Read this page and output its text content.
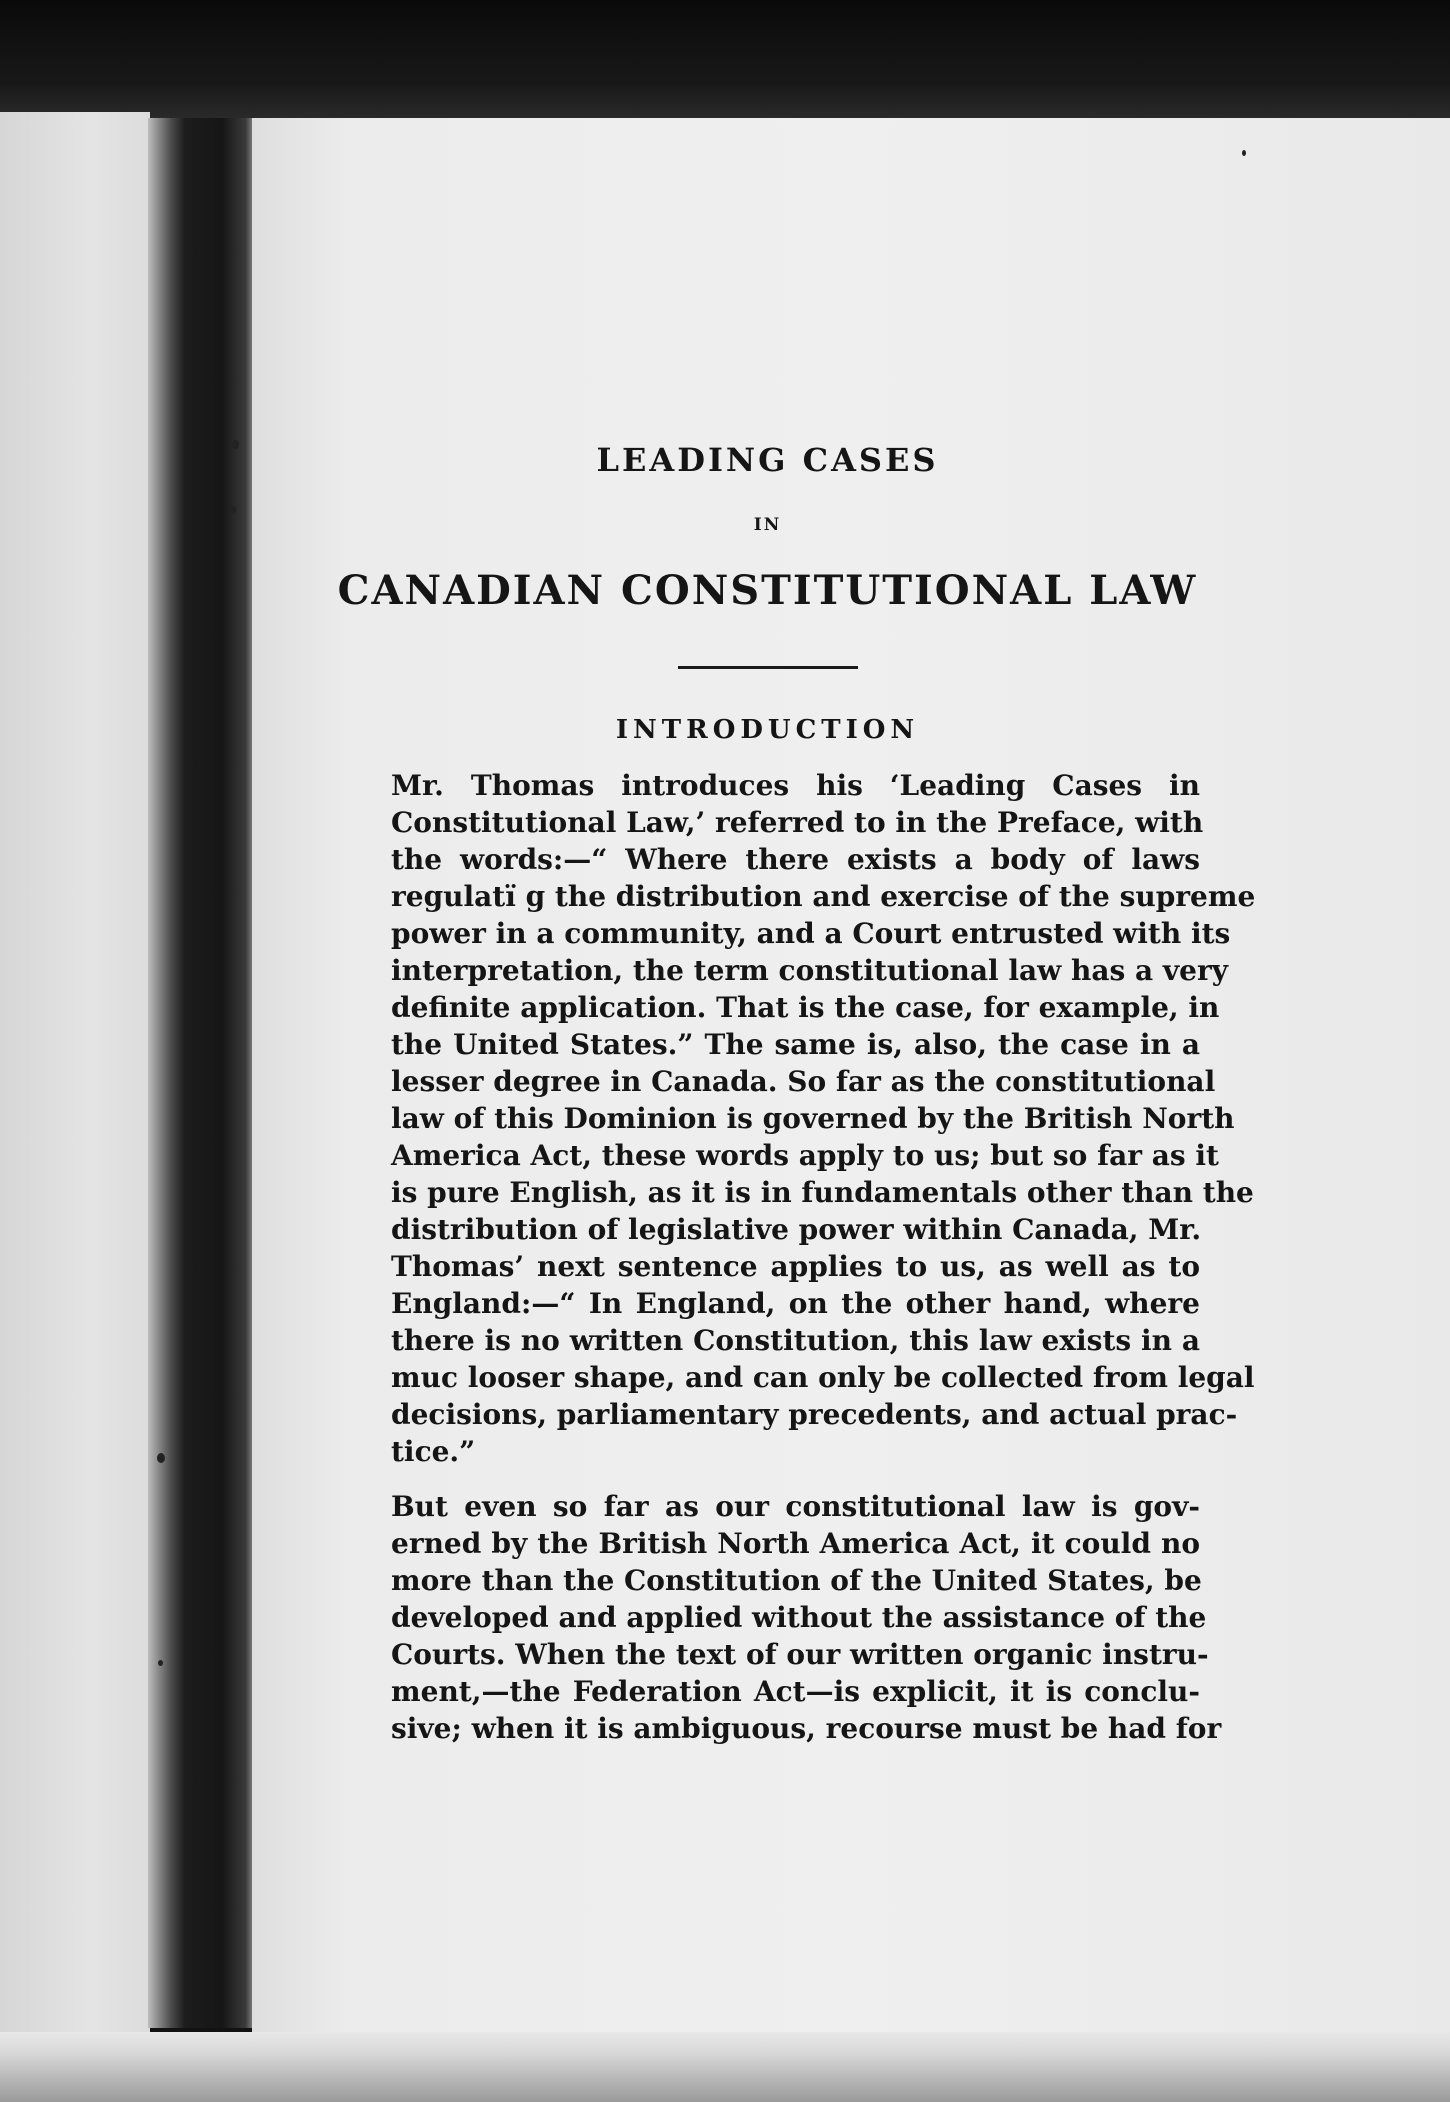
LEADING CASES
IN
CANADIAN CONSTITUTIONAL LAW
INTRODUCTION

Mr. Thomas introduces his ‘Leading Cases in
Constitutional Law,’ referred to in the Preface, with
the words:—“ Where there exists a body of laws
regulatï g the distribution and exercise of the supreme
power in a community, and a Court entrusted with its
interpretation, the term constitutional law has a very
definite application. That is the case, for example, in
the United States.” The same is, also, the case in a
lesser degree in Canada. So far as the constitutional
law of this Dominion is governed by the British North
America Act, these words apply to us; but so far as it
is pure English, as it is in fundamentals other than the
distribution of legislative power within Canada, Mr.
Thomas’ next sentence applies to us, as well as to
England:—“ In England, on the other hand, where
there is no written Constitution, this law exists in a
muc looser shape, and can only be collected from legal
decisions, parliamentary precedents, and actual prac-
tice.”

But even so far as our constitutional law is gov-
erned by the British North America Act, it could no
more than the Constitution of the United States, be
developed and applied without the assistance of the
Courts. When the text of our written organic instru-
ment,—the Federation Act—is explicit, it is conclu-
sive; when it is ambiguous, recourse must be had for
